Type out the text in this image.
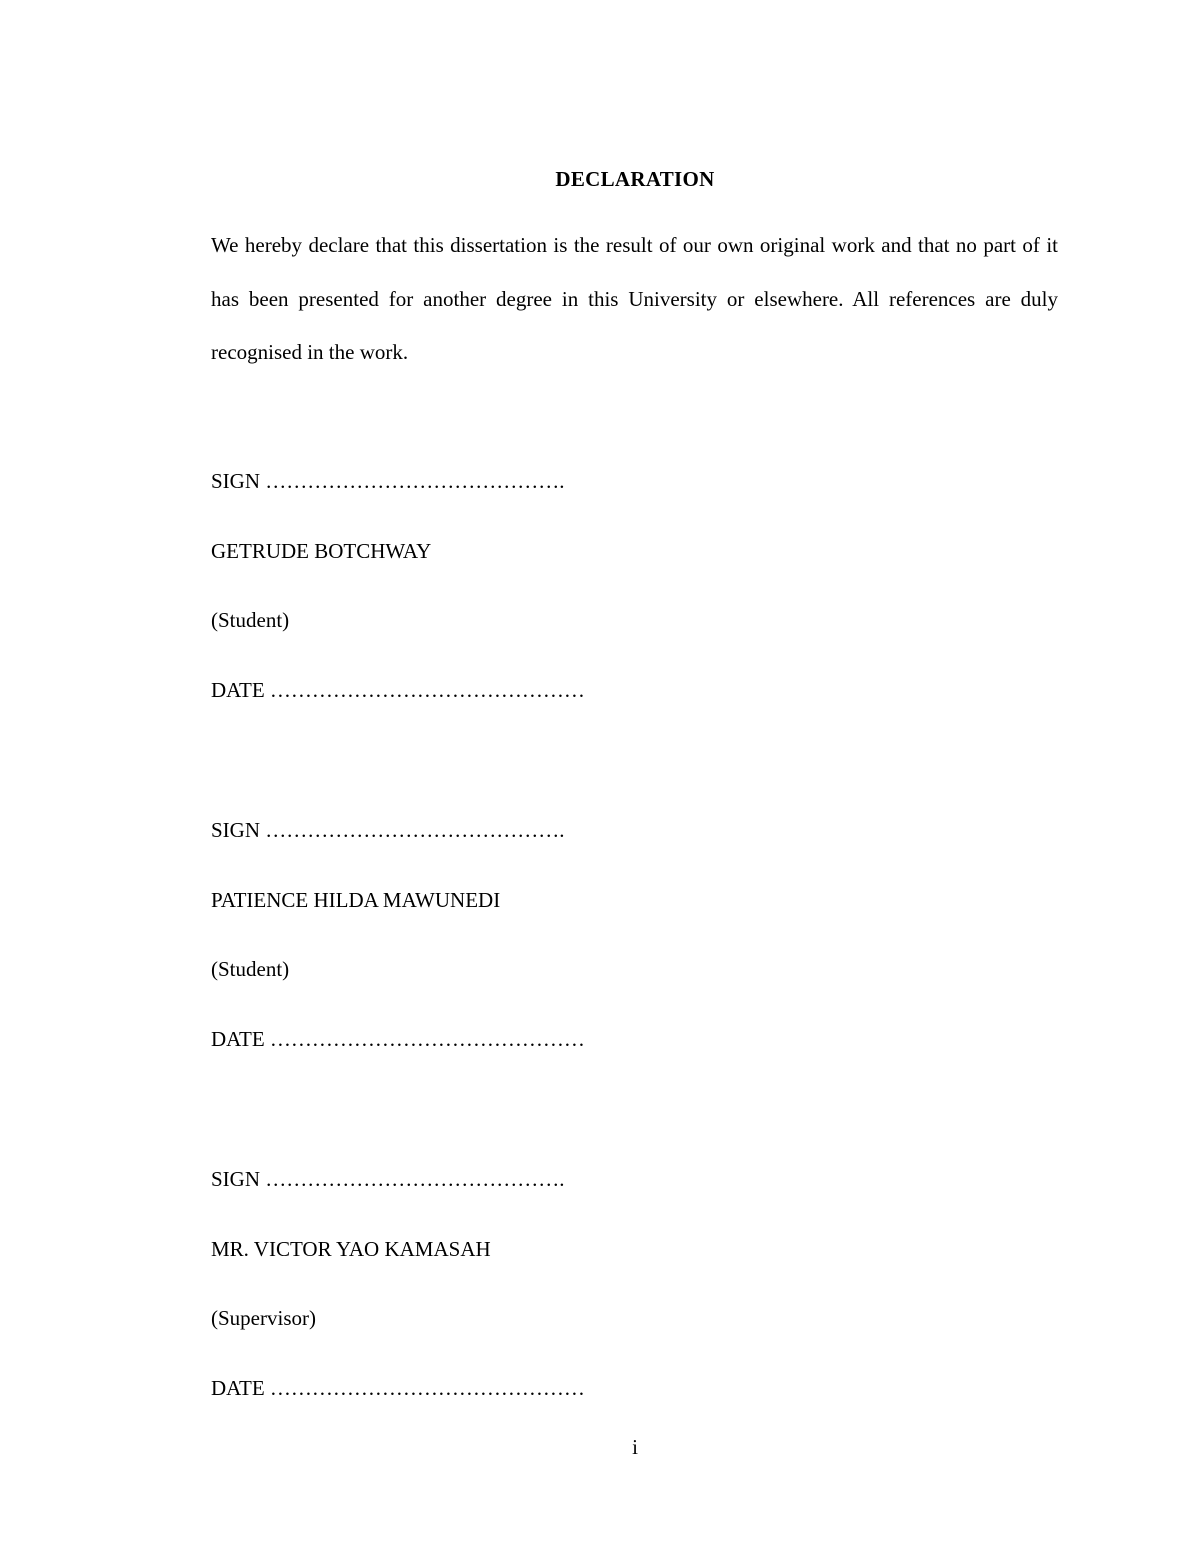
DECLARATION
We hereby declare that this dissertation is the result of our own original work and that no part of it has been presented for another degree in this University or elsewhere. All references are duly recognised in the work.
SIGN …………………………………….
GETRUDE BOTCHWAY
(Student)
DATE ………………………………………
SIGN …………………………………….
PATIENCE HILDA MAWUNEDI
(Student)
DATE ………………………………………
SIGN …………………………………….
MR. VICTOR YAO KAMASAH
(Supervisor)
DATE ………………………………………
i
